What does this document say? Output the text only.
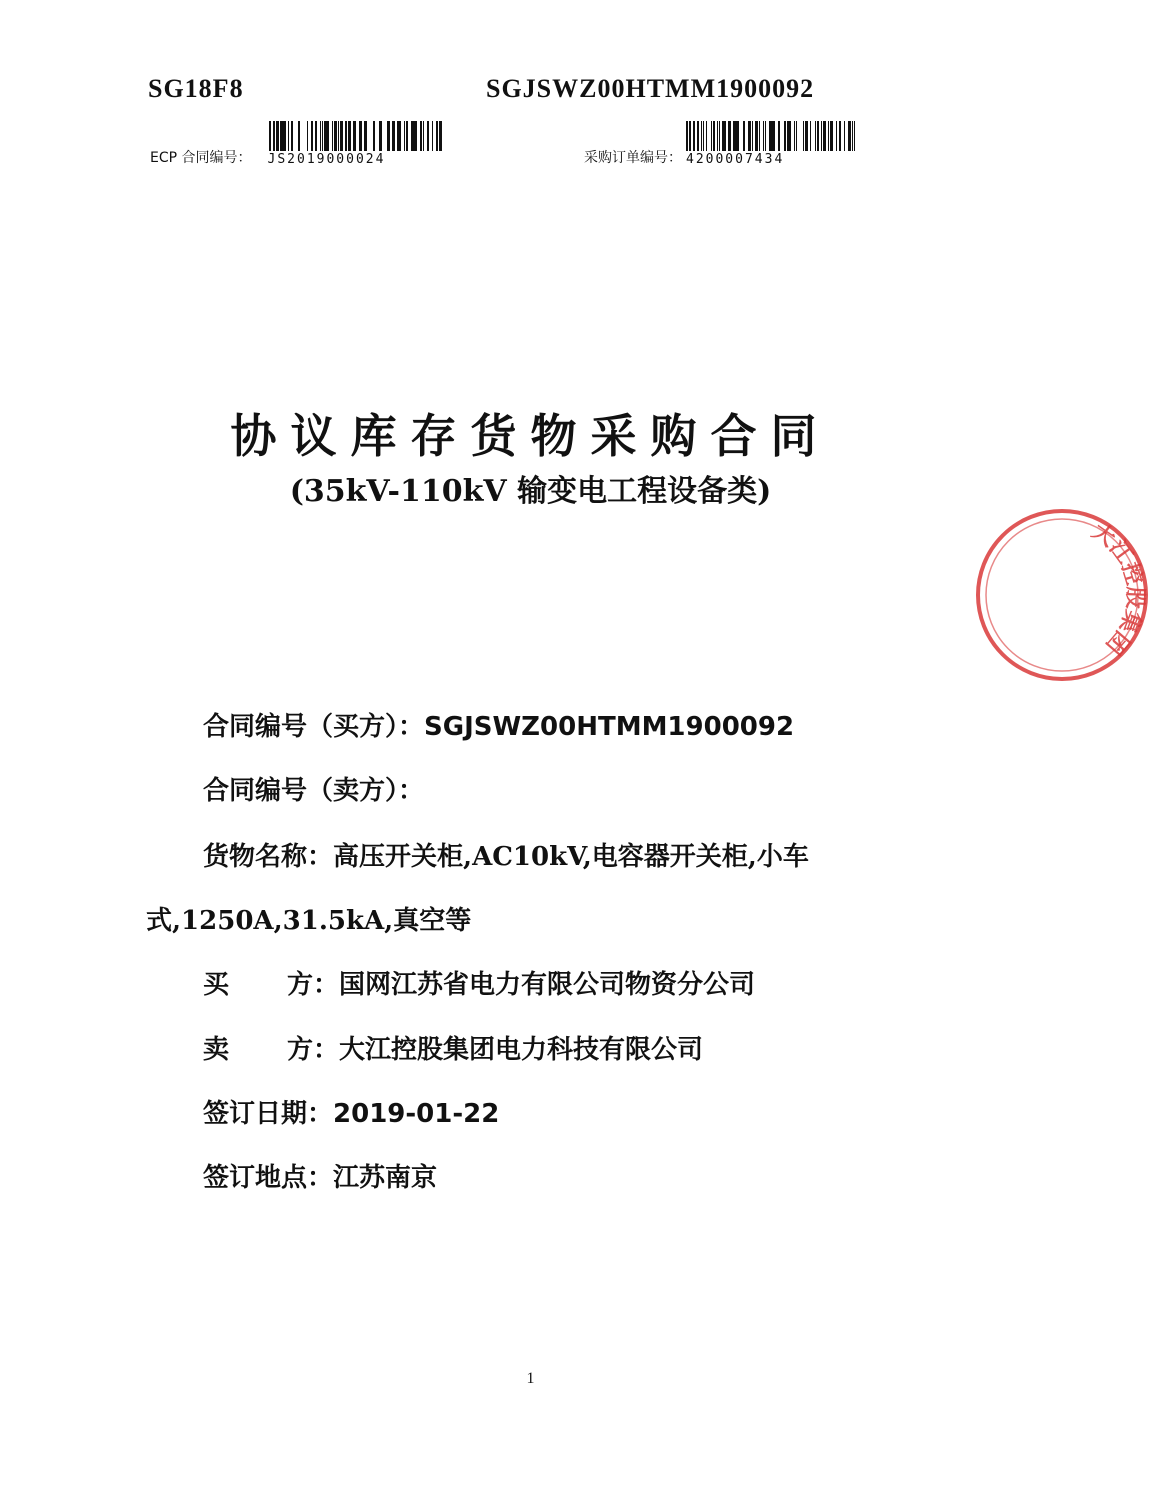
SG18F8	SGJSWZ00HTMM1900092
ECP 合同编号： JS2019000024	采购订单编号： 4200007434
协议库存货物采购合同
(35kV-110kV 输变电工程设备类)
合同编号（买方）：SGJSWZ00HTMM1900092
合同编号（卖方）：
货物名称：高压开关柜,AC10kV,电容器开关柜,小车
式,1250A,31.5kA,真空等
买 方：国网江苏省电力有限公司物资分公司
卖 方：大江控股集团电力科技有限公司
签订日期：2019-01-22
签订地点：江苏南京
1
大江控股集团
